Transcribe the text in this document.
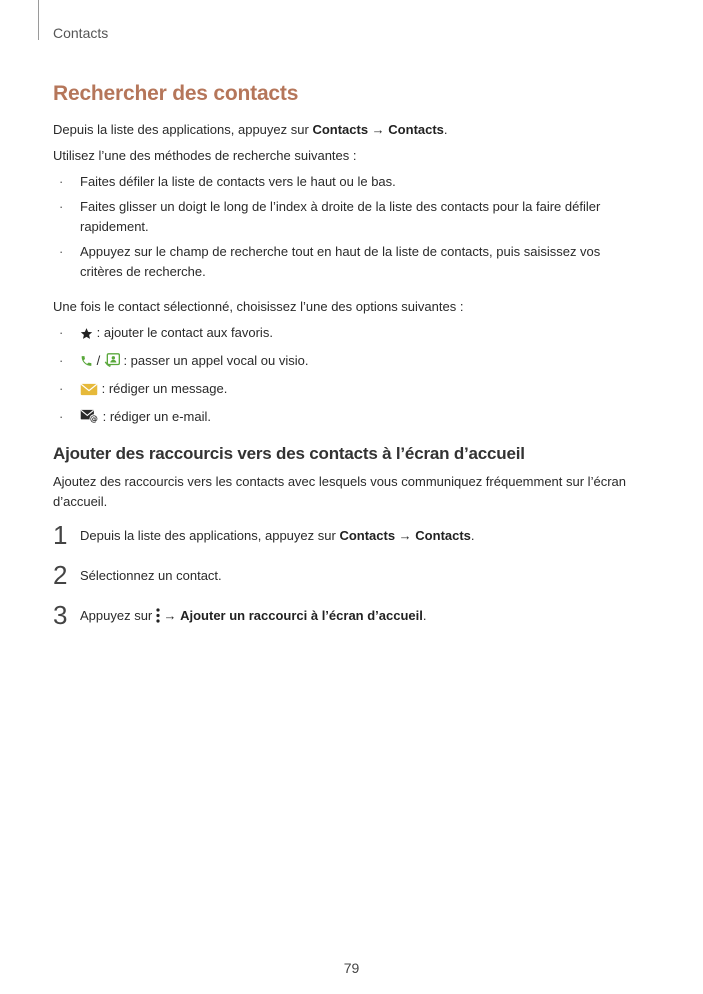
Contacts
Rechercher des contacts

Depuis la liste des applications, appuyez sur Contacts → Contacts.

Utilisez l’une des méthodes de recherche suivantes :

· Faites défiler la liste de contacts vers le haut ou le bas.
· Faites glisser un doigt le long de l’index à droite de la liste des contacts pour la faire défiler rapidement.
· Appuyez sur le champ de recherche tout en haut de la liste de contacts, puis saisissez vos critères de recherche.

Une fois le contact sélectionné, choisissez l’une des options suivantes :

· : ajouter le contact aux favoris.
· /  : passer un appel vocal ou visio.
· : rédiger un message.
· @ : rédiger un e-mail.
Ajouter des raccourcis vers des contacts à l’écran d’accueil

Ajoutez des raccourcis vers les contacts avec lesquels vous communiquez fréquemment sur l’écran d’accueil.

1 Depuis la liste des applications, appuyez sur Contacts → Contacts.
2 Sélectionnez un contact.
3 Appuyez sur  → Ajouter un raccourci à l’écran d’accueil.
79
